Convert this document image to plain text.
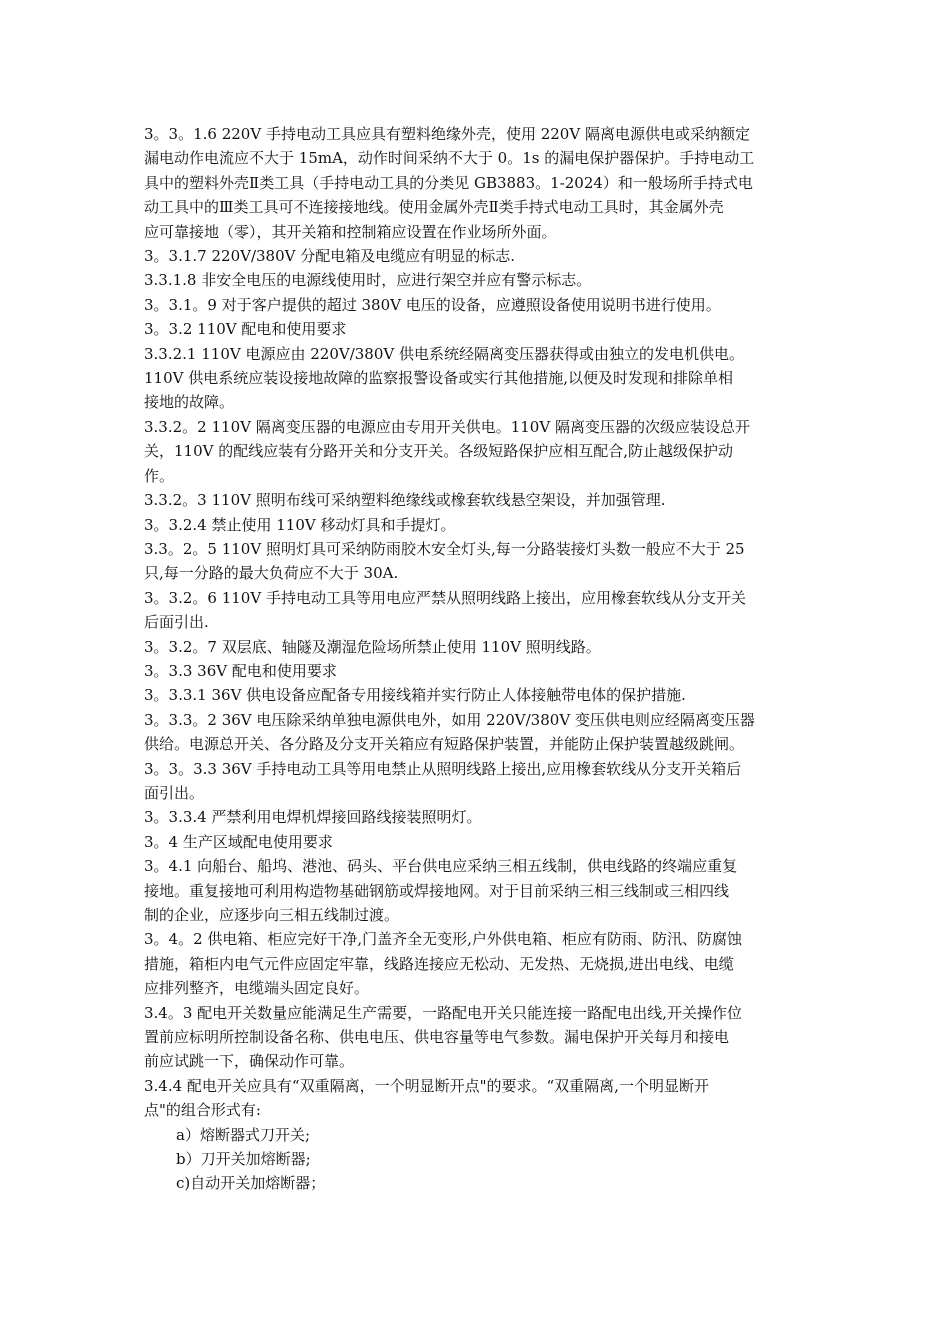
3。3。1.6 220V 手持电动工具应具有塑料绝缘外壳，使用 220V 隔离电源供电或采纳额定
漏电动作电流应不大于 15mA，动作时间采纳不大于 0。1s 的漏电保护器保护。手持电动工
具中的塑料外壳Ⅱ类工具（手持电动工具的分类见 GB3883。1-2024）和一般场所手持式电
动工具中的Ⅲ类工具可不连接接地线。使用金属外壳Ⅱ类手持式电动工具时，其金属外壳
应可靠接地（零），其开关箱和控制箱应设置在作业场所外面。
3。3.1.7 220V/380V 分配电箱及电缆应有明显的标志.
3.3.1.8 非安全电压的电源线使用时，应进行架空并应有警示标志。
3。3.1。9 对于客户提供的超过 380V 电压的设备，应遵照设备使用说明书进行使用。
3。3.2 110V 配电和使用要求
3.3.2.1 110V 电源应由 220V/380V 供电系统经隔离变压器获得或由独立的发电机供电。
110V 供电系统应装设接地故障的监察报警设备或实行其他措施,以便及时发现和排除单相
接地的故障。
3.3.2。2 110V 隔离变压器的电源应由专用开关供电。110V 隔离变压器的次级应装设总开
关，110V 的配线应装有分路开关和分支开关。各级短路保护应相互配合,防止越级保护动
作。
3.3.2。3 110V 照明布线可采纳塑料绝缘线或橡套软线悬空架设，并加强管理.
3。3.2.4 禁止使用 110V 移动灯具和手提灯。
3.3。2。5 110V 照明灯具可采纳防雨胶木安全灯头,每一分路装接灯头数一般应不大于 25
只,每一分路的最大负荷应不大于 30A.
3。3.2。6 110V 手持电动工具等用电应严禁从照明线路上接出，应用橡套软线从分支开关
后面引出.
3。3.2。7 双层底、轴隧及潮湿危险场所禁止使用 110V 照明线路。
3。3.3 36V 配电和使用要求
3。3.3.1 36V 供电设备应配备专用接线箱并实行防止人体接触带电体的保护措施.
3。3.3。2 36V 电压除采纳单独电源供电外，如用 220V/380V 变压供电则应经隔离变压器
供给。电源总开关、各分路及分支开关箱应有短路保护装置，并能防止保护装置越级跳闸。
3。3。3.3 36V 手持电动工具等用电禁止从照明线路上接出,应用橡套软线从分支开关箱后
面引出。
3。3.3.4 严禁利用电焊机焊接回路线接装照明灯。
3。4 生产区域配电使用要求
3。4.1 向船台、船坞、港池、码头、平台供电应采纳三相五线制，供电线路的终端应重复
接地。重复接地可利用构造物基础钢筋或焊接地网。对于目前采纳三相三线制或三相四线
制的企业，应逐步向三相五线制过渡。
3。4。2 供电箱、柜应完好干净,门盖齐全无变形,户外供电箱、柜应有防雨、防汛、防腐蚀
措施，箱柜内电气元件应固定牢靠，线路连接应无松动、无发热、无烧损,进出电线、电缆
应排列整齐，电缆端头固定良好。
3.4。3 配电开关数量应能满足生产需要，一路配电开关只能连接一路配电出线,开关操作位
置前应标明所控制设备名称、供电电压、供电容量等电气参数。漏电保护开关每月和接电
前应试跳一下，确保动作可靠。
3.4.4 配电开关应具有“双重隔离，一个明显断开点"的要求。“双重隔离,一个明显断开
点"的组合形式有:
a）熔断器式刀开关;
b）刀开关加熔断器;
c)自动开关加熔断器；
